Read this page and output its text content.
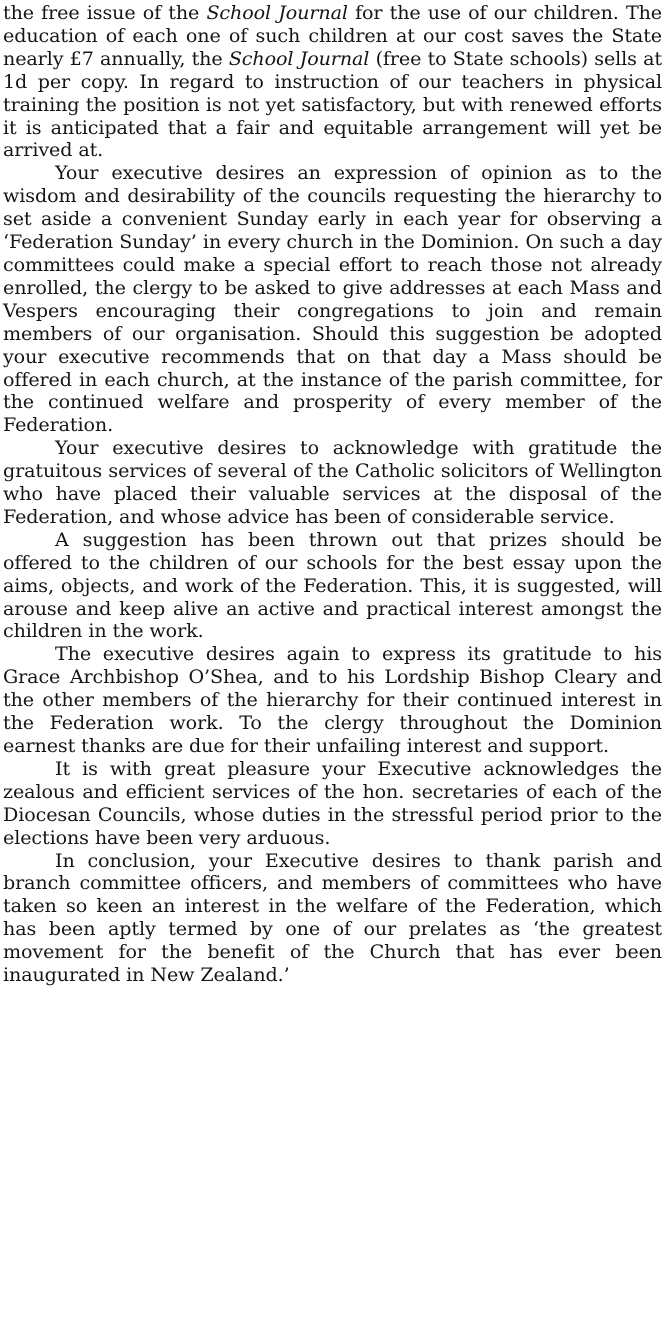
the free issue of the School Journal for the use of our children. The education of each one of such children at our cost saves the State nearly £7 annually, the School Journal (free to State schools) sells at 1d per copy. In regard to instruction of our teachers in physical training the position is not yet satisfactory, but with renewed efforts it is anticipated that a fair and equitable arrangement will yet be arrived at.

Your executive desires an expression of opinion as to the wisdom and desirability of the councils requesting the hierarchy to set aside a convenient Sunday early in each year for observing a ‘Federation Sunday’ in every church in the Dominion. On such a day committees could make a special effort to reach those not already enrolled, the clergy to be asked to give addresses at each Mass and Vespers encouraging their congregations to join and remain members of our organisation. Should this suggestion be adopted your executive recommends that on that day a Mass should be offered in each church, at the instance of the parish committee, for the continued welfare and prosperity of every member of the Federation.

Your executive desires to acknowledge with gratitude the gratuitous services of several of the Catholic solicitors of Wellington who have placed their valuable services at the disposal of the Federation, and whose advice has been of considerable service.

A suggestion has been thrown out that prizes should be offered to the children of our schools for the best essay upon the aims, objects, and work of the Federation. This, it is suggested, will arouse and keep alive an active and practical interest amongst the children in the work.

The executive desires again to express its gratitude to his Grace Archbishop O’Shea, and to his Lordship Bishop Cleary and the other members of the hierarchy for their continued interest in the Federation work. To the clergy throughout the Dominion earnest thanks are due for their unfailing interest and support.

It is with great pleasure your Executive acknowledges the zealous and efficient services of the hon. secretaries of each of the Diocesan Councils, whose duties in the stressful period prior to the elections have been very arduous.

In conclusion, your Executive desires to thank parish and branch committee officers, and members of committees who have taken so keen an interest in the welfare of the Federation, which has been aptly termed by one of our prelates as ‘the greatest movement for the benefit of the Church that has ever been inaugurated in New Zealand.’
